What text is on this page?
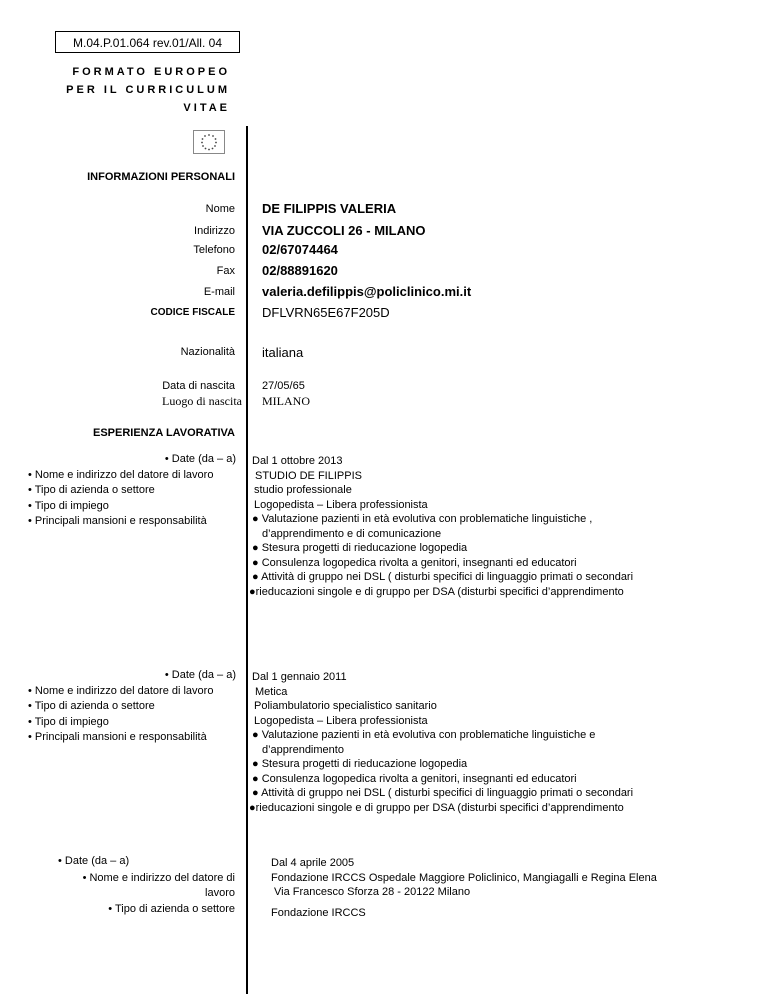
M.04.P.01.064 rev.01/All. 04
FORMATO EUROPEO
PER IL CURRICULUM
VITAE
INFORMAZIONI PERSONALI
Nome DE FILIPPIS VALERIA
Indirizzo VIA ZUCCOLI 26 - MILANO
Telefono 02/67074464
Fax 02/88891620
E-mail valeria.defilippis@policlinico.mi.it
CODICE FISCALE DFLVRN65E67F205D
Nazionalità italiana
Data di nascita 27/05/65
Luogo di nascita MILANO
ESPERIENZA LAVORATIVA
• Date (da – a)
• Nome e indirizzo del datore di lavoro
• Tipo di azienda o settore
• Tipo di impiego
• Principali mansioni e responsabilità
Dal 1 ottobre 2013
STUDIO DE FILIPPIS
studio professionale
Logopedista – Libera professionista
● Valutazione pazienti in età evolutiva con problematiche linguistiche ,
d’apprendimento e di comunicazione
● Stesura progetti di rieducazione logopedia
● Consulenza logopedica rivolta a genitori, insegnanti ed educatori
● Attività di gruppo nei DSL ( disturbi specifici di linguaggio primati o secondari
●rieducazioni singole e di gruppo per DSA (disturbi specifici d’apprendimento
• Date (da – a)
• Nome e indirizzo del datore di lavoro
• Tipo di azienda o settore
• Tipo di impiego
• Principali mansioni e responsabilità
Dal 1 gennaio 2011
Metica
Poliambulatorio specialistico sanitario
Logopedista – Libera professionista
● Valutazione pazienti in età evolutiva con problematiche linguistiche e
d’apprendimento
● Stesura progetti di rieducazione logopedia
● Consulenza logopedica rivolta a genitori, insegnanti ed educatori
● Attività di gruppo nei DSL ( disturbi specifici di linguaggio primati o secondari
●rieducazioni singole e di gruppo per DSA (disturbi specifici d’apprendimento
• Date (da – a)
• Nome e indirizzo del datore di
lavoro
• Tipo di azienda o settore
Dal 4 aprile 2005
Fondazione IRCCS Ospedale Maggiore Policlinico, Mangiagalli e Regina Elena
Via Francesco Sforza 28 - 20122 Milano
Fondazione IRCCS
